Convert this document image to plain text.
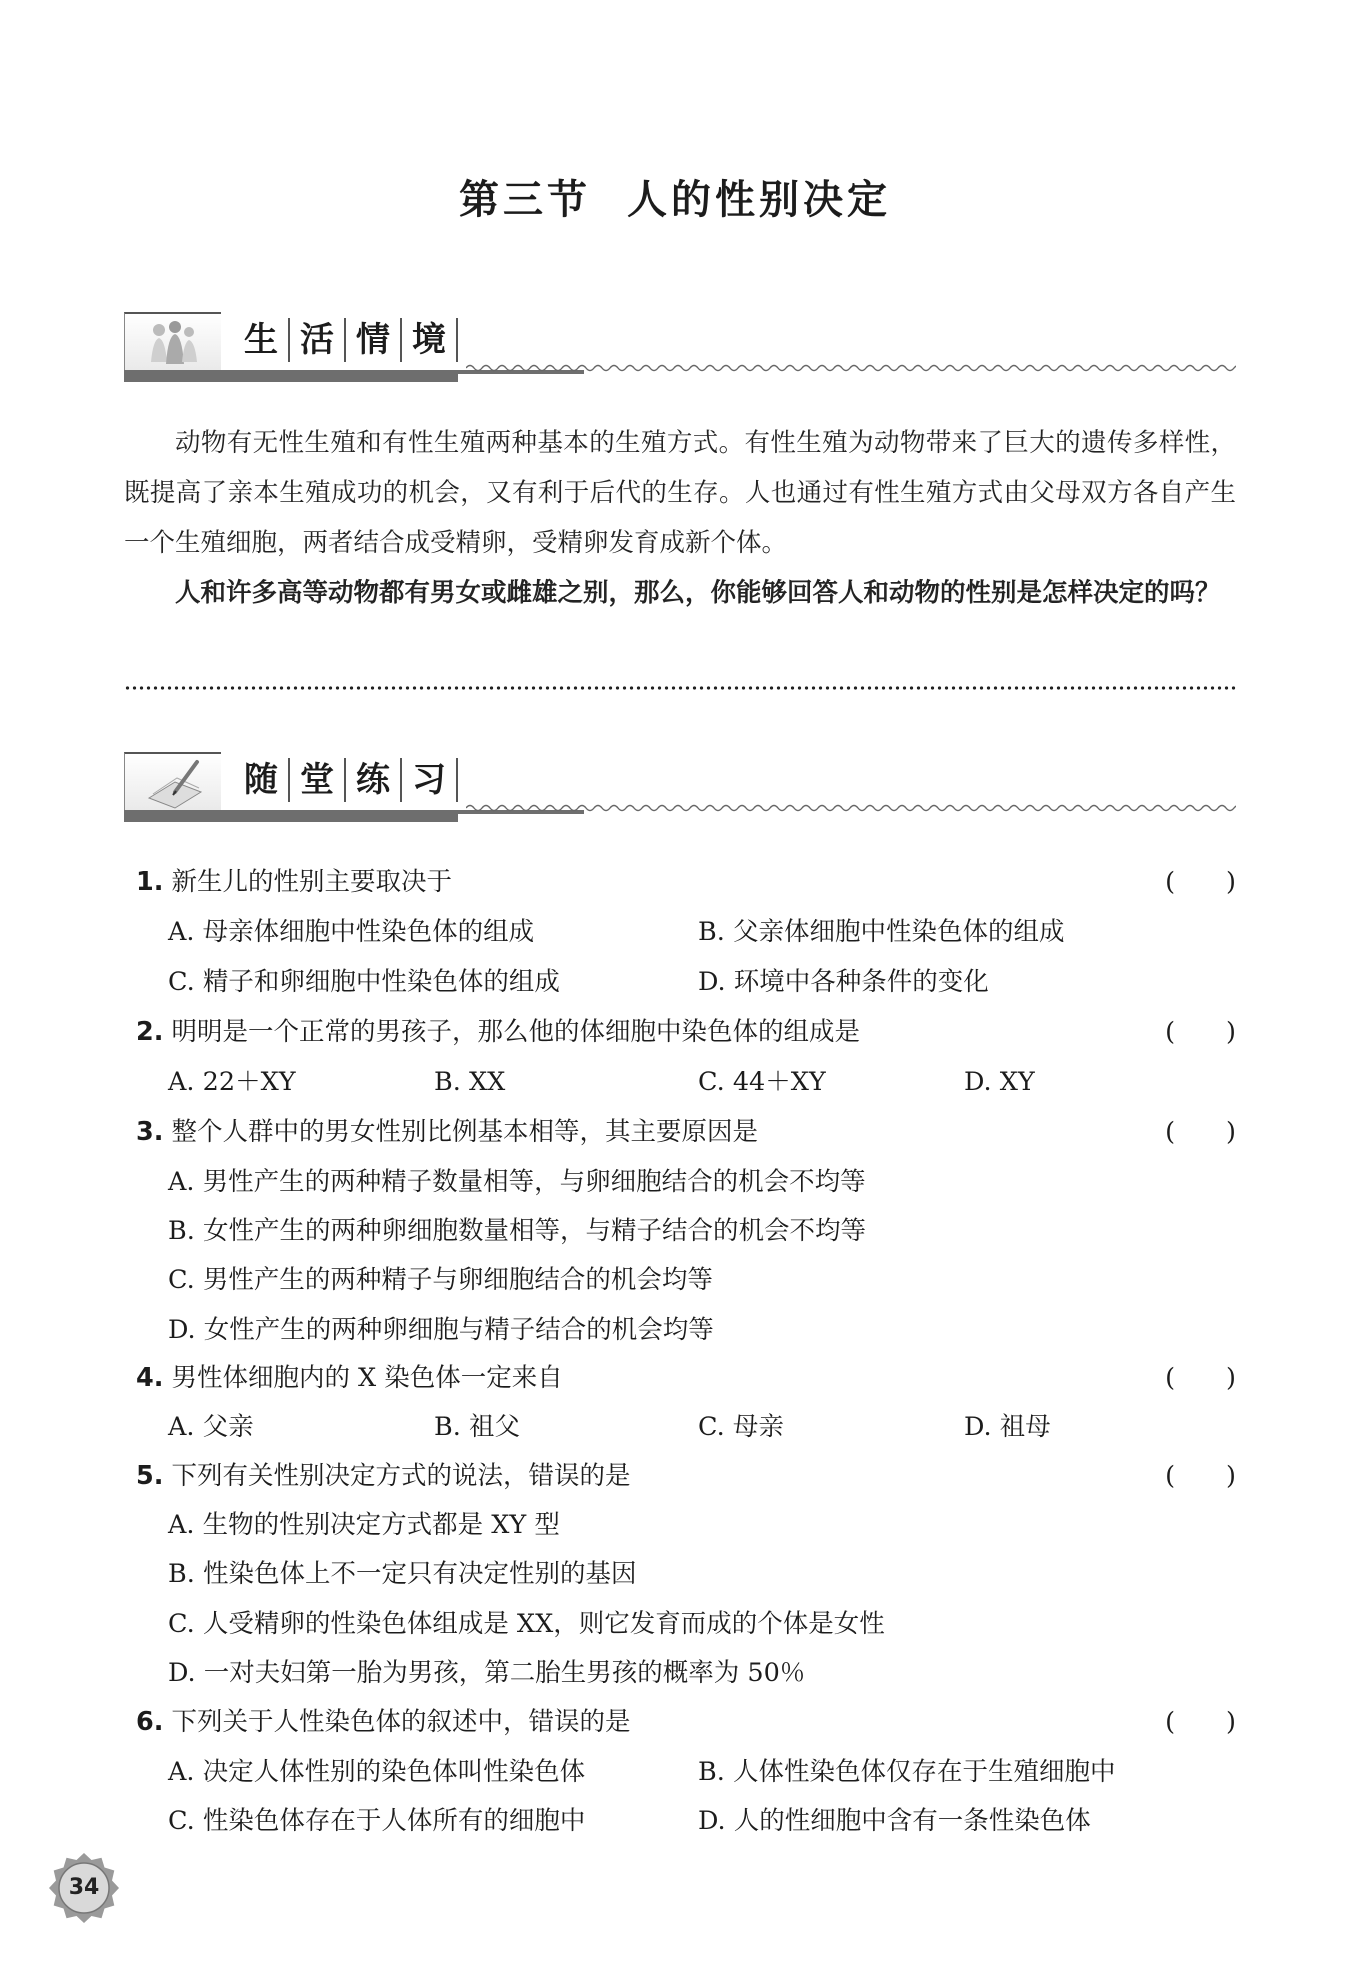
第三节 人的性别决定
生 活 情 境
动物有无性生殖和有性生殖两种基本的生殖方式。有性生殖为动物带来了巨大的遗传多样性，既提高了亲本生殖成功的机会，又有利于后代的生存。人也通过有性生殖方式由父母双方各自产生一个生殖细胞，两者结合成受精卵，受精卵发育成新个体。
人和许多高等动物都有男女或雌雄之别，那么，你能够回答人和动物的性别是怎样决定的吗？
随 堂 练 习
1. 新生儿的性别主要取决于	(　　)
A. 母亲体细胞中性染色体的组成	B. 父亲体细胞中性染色体的组成
C. 精子和卵细胞中性染色体的组成	D. 环境中各种条件的变化
2. 明明是一个正常的男孩子，那么他的体细胞中染色体的组成是	(　　)
A. 22＋XY	B. XX	C. 44＋XY	D. XY
3. 整个人群中的男女性别比例基本相等，其主要原因是	(　　)
A. 男性产生的两种精子数量相等，与卵细胞结合的机会不均等
B. 女性产生的两种卵细胞数量相等，与精子结合的机会不均等
C. 男性产生的两种精子与卵细胞结合的机会均等
D. 女性产生的两种卵细胞与精子结合的机会均等
4. 男性体细胞内的 X 染色体一定来自	(　　)
A. 父亲	B. 祖父	C. 母亲	D. 祖母
5. 下列有关性别决定方式的说法，错误的是	(　　)
A. 生物的性别决定方式都是 XY 型
B. 性染色体上不一定只有决定性别的基因
C. 人受精卵的性染色体组成是 XX，则它发育而成的个体是女性
D. 一对夫妇第一胎为男孩，第二胎生男孩的概率为 50％
6. 下列关于人性染色体的叙述中，错误的是	(　　)
A. 决定人体性别的染色体叫性染色体	B. 人体性染色体仅存在于生殖细胞中
C. 性染色体存在于人体所有的细胞中	D. 人的性细胞中含有一条性染色体
34
